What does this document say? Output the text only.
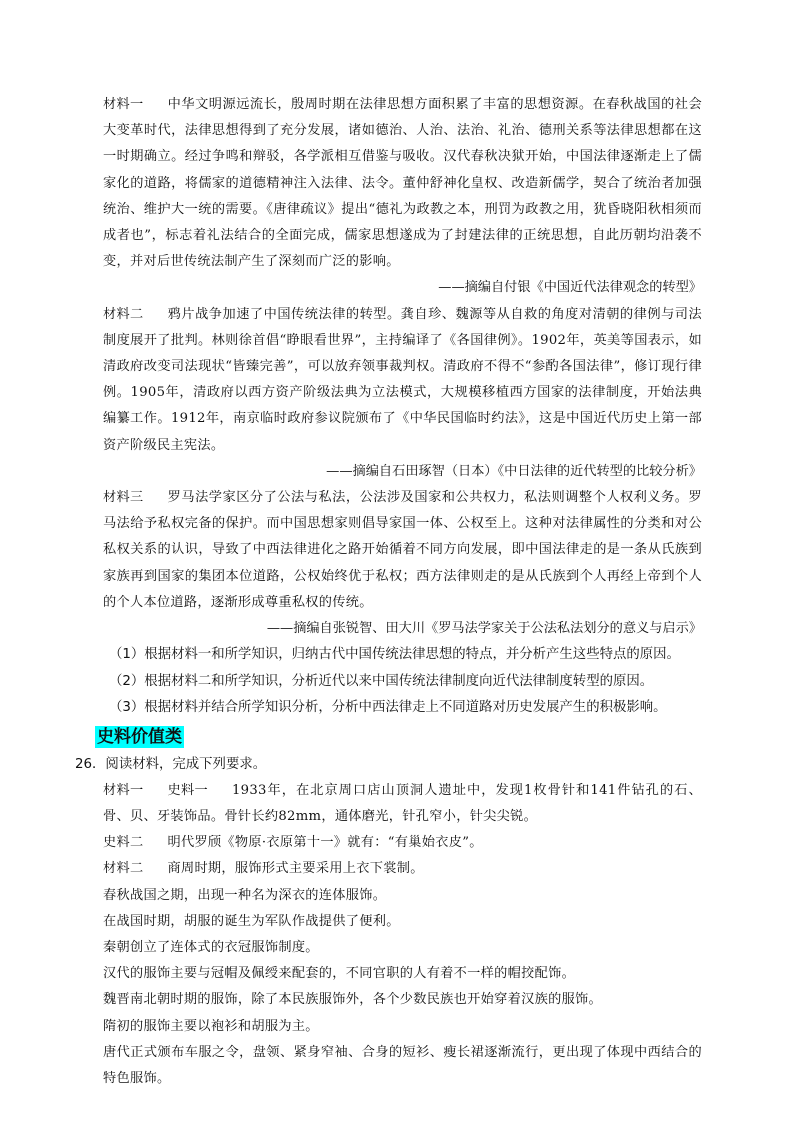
材料一 中华文明源远流长，殷周时期在法律思想方面积累了丰富的思想资源。在春秋战国的社会大变革时代，法律思想得到了充分发展，诸如德治、人治、法治、礼治、德刑关系等法律思想都在这一时期确立。经过争鸣和辩驳，各学派相互借鉴与吸收。汉代春秋决狱开始，中国法律逐渐走上了儒家化的道路，将儒家的道德精神注入法律、法令。董仲舒神化皇权、改造新儒学，契合了统治者加强统治、维护大一统的需要。《唐律疏议》提出“德礼为政教之本，刑罚为政教之用，犹昏晓阳秋相须而成者也”，标志着礼法结合的全面完成，儒家思想遂成为了封建法律的正统思想，自此历朝均沿袭不变，并对后世传统法制产生了深刻而广泛的影响。

——摘编自付银《中国近代法律观念的转型》

材料二 鸦片战争加速了中国传统法律的转型。龚自珍、魏源等从自救的角度对清朝的律例与司法制度展开了批判。林则徐首倡“睁眼看世界”，主持编译了《各国律例》。1902年，英美等国表示，如清政府改变司法现状“皆臻完善”，可以放弃领事裁判权。清政府不得不“参酌各国法律”，修订现行律例。1905年，清政府以西方资产阶级法典为立法模式，大规模移植西方国家的法律制度，开始法典编纂工作。1912年，南京临时政府参议院颁布了《中华民国临时约法》，这是中国近代历史上第一部资产阶级民主宪法。

——摘编自石田琢智（日本）《中日法律的近代转型的比较分析》

材料三 罗马法学家区分了公法与私法，公法涉及国家和公共权力，私法则调整个人权利义务。罗马法给予私权完备的保护。而中国思想家则倡导家国一体、公权至上。这种对法律属性的分类和对公私权关系的认识，导致了中西法律进化之路开始循着不同方向发展，即中国法律走的是一条从氏族到家族再到国家的集团本位道路，公权始终优于私权；西方法律则走的是从氏族到个人再经上帝到个人的个人本位道路，逐渐形成尊重私权的传统。

——摘编自张锐智、田大川《罗马法学家关于公法私法划分的意义与启示》

（1）根据材料一和所学知识，归纳古代中国传统法律思想的特点，并分析产生这些特点的原因。

（2）根据材料二和所学知识，分析近代以来中国传统法律制度向近代法律制度转型的原因。

（3）根据材料并结合所学知识分析，分析中西法律走上不同道路对历史发展产生的积极影响。

史料价值类

26．阅读材料，完成下列要求。

材料一 史料一 1933年，在北京周口店山顶洞人遗址中，发现1枚骨针和141件钻孔的石、骨、贝、牙装饰品。骨针长约82mm，通体磨光，针孔窄小，针尖尖锐。

史料二 明代罗颀《物原·衣原第十一》就有：“有巢始衣皮”。

材料二 商周时期，服饰形式主要采用上衣下裳制。

春秋战国之期，出现一种名为深衣的连体服饰。

在战国时期，胡服的诞生为军队作战提供了便利。

秦朝创立了连体式的衣冠服饰制度。

汉代的服饰主要与冠帽及佩绶来配套的，不同官职的人有着不一样的帽挍配饰。

魏晋南北朝时期的服饰，除了本民族服饰外，各个少数民族也开始穿着汉族的服饰。

隋初的服饰主要以袍衫和胡服为主。

唐代正式颁布车服之令，盘领、紧身窄袖、合身的短衫、瘦长裙逐渐流行，更出现了体现中西结合的特色服饰。
